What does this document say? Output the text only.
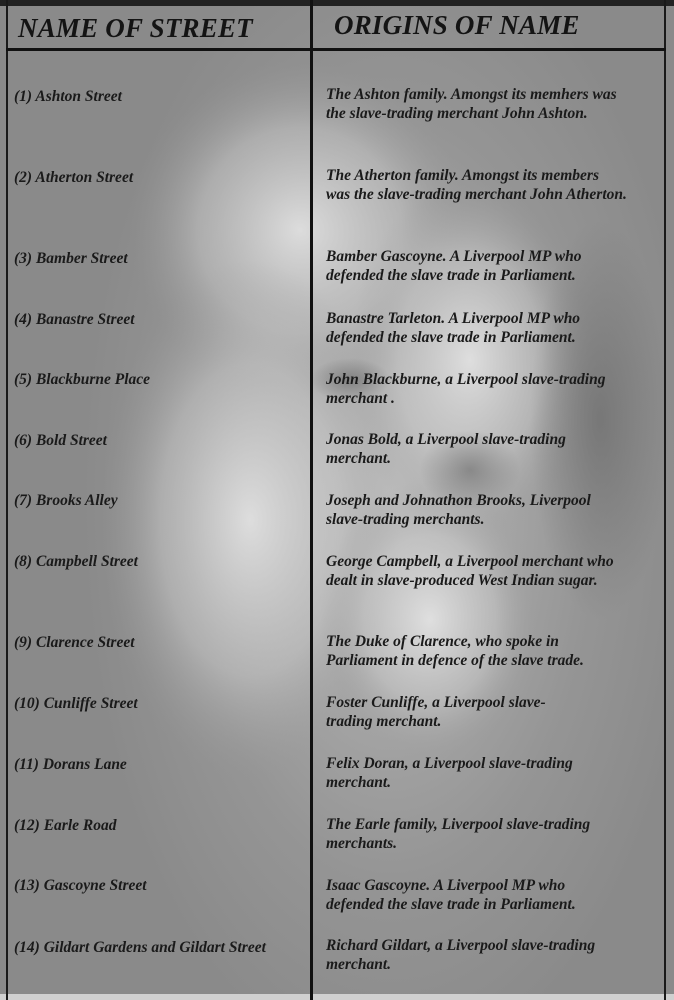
NAME OF STREET	ORIGINS OF NAME
(1) Ashton Street	The Ashton family. Amongst its memhers was
the slave-trading merchant John Ashton.
(2) Atherton Street	The Atherton family. Amongst its members
was the slave-trading merchant John Atherton.
(3) Bamber Street	Bamber Gascoyne. A Liverpool MP who
defended the slave trade in Parliament.
(4) Banastre Street	Banastre Tarleton. A Liverpool MP who
defended the slave trade in Parliament.
(5) Blackburne Place	John Blackburne, a Liverpool slave-trading
merchant .
(6) Bold Street	Jonas Bold, a Liverpool slave-trading
merchant.
(7) Brooks Alley	Joseph and Johnathon Brooks, Liverpool
slave-trading merchants.
(8) Campbell Street	George Campbell, a Liverpool merchant who
dealt in slave-produced West Indian sugar.
(9) Clarence Street	The Duke of Clarence, who spoke in
Parliament in defence of the slave trade.
(10) Cunliffe Street	Foster Cunliffe, a Liverpool slave-
trading merchant.
(11) Dorans Lane	Felix Doran, a Liverpool slave-trading
merchant.
(12) Earle Road	The Earle family, Liverpool slave-trading
merchants.
(13) Gascoyne Street	Isaac Gascoyne. A Liverpool MP who
defended the slave trade in Parliament.
(14) Gildart Gardens and Gildart Street	Richard Gildart, a Liverpool slave-trading
merchant.
